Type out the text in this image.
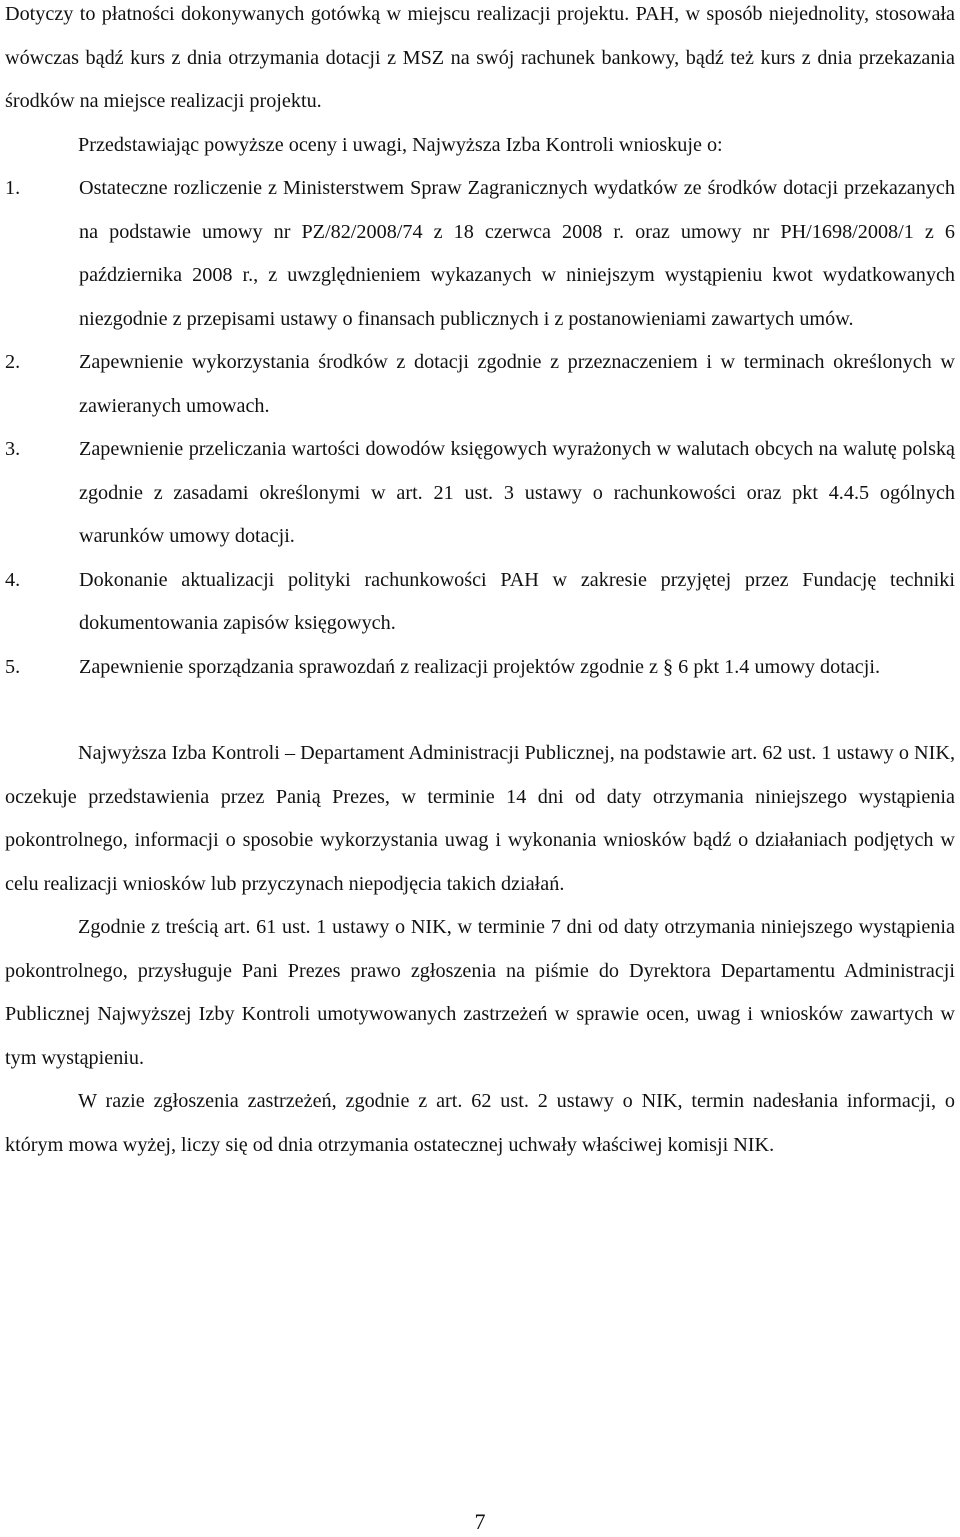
Dotyczy to płatności dokonywanych gotówką w miejscu realizacji projektu. PAH, w sposób niejednolity, stosowała wówczas bądź kurs z dnia otrzymania dotacji z MSZ na swój rachunek bankowy, bądź też kurs z dnia przekazania środków na miejsce realizacji projektu.

Przedstawiając powyższe oceny i uwagi, Najwyższa Izba Kontroli wnioskuje o:

1.	Ostateczne rozliczenie z Ministerstwem Spraw Zagranicznych wydatków ze środków dotacji przekazanych na podstawie umowy nr PZ/82/2008/74 z 18 czerwca 2008 r. oraz umowy nr PH/1698/2008/1 z 6 października 2008 r., z uwzględnieniem wykazanych w niniejszym wystąpieniu kwot wydatkowanych niezgodnie z przepisami ustawy o finansach publicznych i z postanowieniami zawartych umów.
2.	Zapewnienie wykorzystania środków z dotacji zgodnie z przeznaczeniem i w terminach określonych w zawieranych umowach.
3.	Zapewnienie przeliczania wartości dowodów księgowych wyrażonych w walutach obcych na walutę polską zgodnie z zasadami określonymi w art. 21 ust. 3 ustawy o rachunkowości oraz pkt 4.4.5 ogólnych warunków umowy dotacji.
4.	Dokonanie aktualizacji polityki rachunkowości PAH w zakresie przyjętej przez Fundację techniki dokumentowania zapisów księgowych.
5.	Zapewnienie sporządzania sprawozdań z realizacji projektów zgodnie z § 6 pkt 1.4 umowy dotacji.

Najwyższa Izba Kontroli – Departament Administracji Publicznej, na podstawie art. 62 ust. 1 ustawy o NIK, oczekuje przedstawienia przez Panią Prezes, w terminie 14 dni od daty otrzymania niniejszego wystąpienia pokontrolnego, informacji o sposobie wykorzystania uwag i wykonania wniosków bądź o działaniach podjętych w celu realizacji wniosków lub przyczynach niepodjęcia takich działań.

Zgodnie z treścią art. 61 ust. 1 ustawy o NIK, w terminie 7 dni od daty otrzymania niniejszego wystąpienia pokontrolnego, przysługuje Pani Prezes prawo zgłoszenia na piśmie do Dyrektora Departamentu Administracji Publicznej Najwyższej Izby Kontroli umotywowanych zastrzeżeń w sprawie ocen, uwag i wniosków zawartych w tym wystąpieniu.

W razie zgłoszenia zastrzeżeń, zgodnie z art. 62 ust. 2 ustawy o NIK, termin nadesłania informacji, o którym mowa wyżej, liczy się od dnia otrzymania ostatecznej uchwały właściwej komisji NIK.

7
